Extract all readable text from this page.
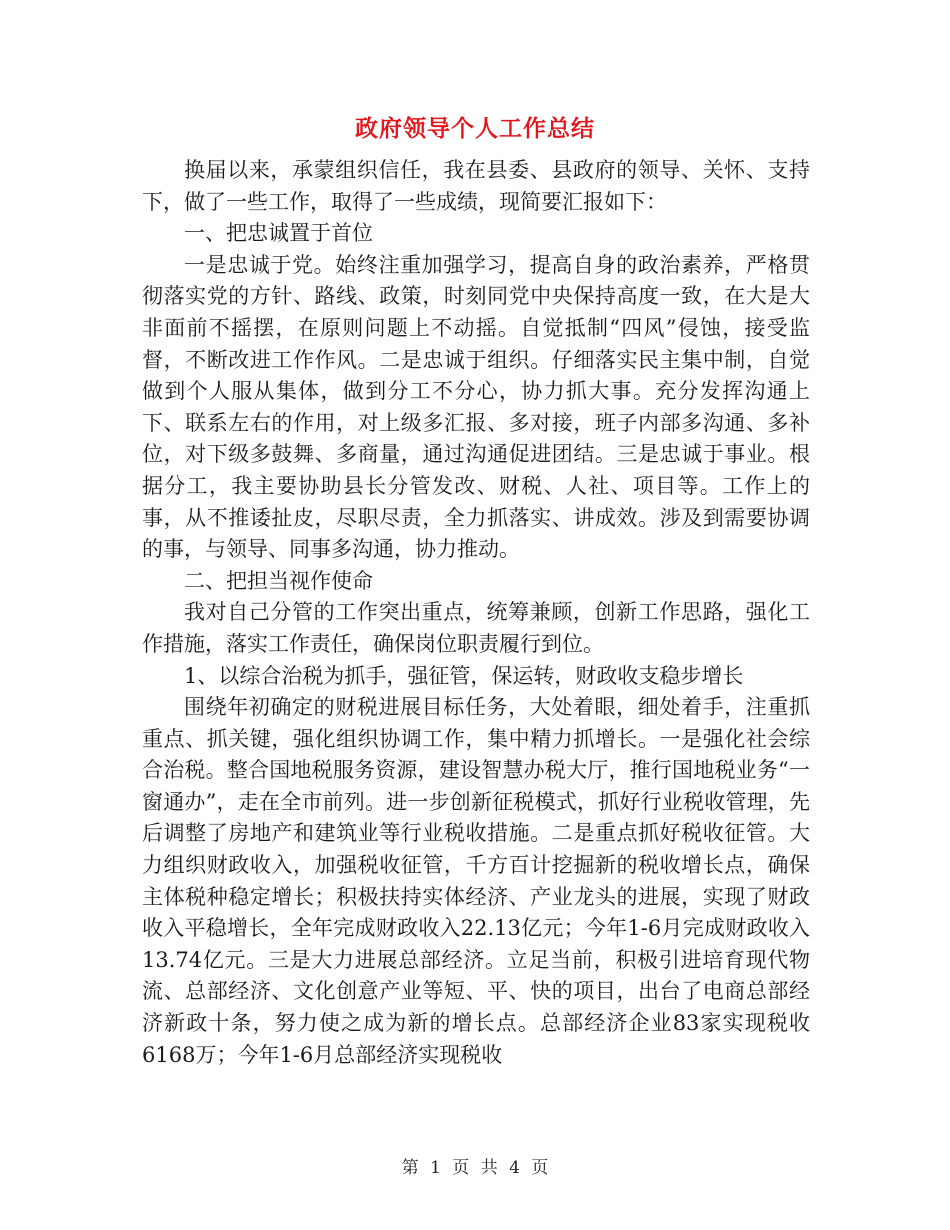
政府领导个人工作总结

换届以来，承蒙组织信任，我在县委、县政府的领导、关怀、支持下，做了一些工作，取得了一些成绩，现简要汇报如下：

一、把忠诚置于首位

一是忠诚于党。始终注重加强学习，提高自身的政治素养，严格贯彻落实党的方针、路线、政策，时刻同党中央保持高度一致，在大是大非面前不摇摆，在原则问题上不动摇。自觉抵制“四风”侵蚀，接受监督，不断改进工作作风。二是忠诚于组织。仔细落实民主集中制，自觉做到个人服从集体，做到分工不分心，协力抓大事。充分发挥沟通上下、联系左右的作用，对上级多汇报、多对接，班子内部多沟通、多补位，对下级多鼓舞、多商量，通过沟通促进团结。三是忠诚于事业。根据分工，我主要协助县长分管发改、财税、人社、项目等。工作上的事，从不推诿扯皮，尽职尽责，全力抓落实、讲成效。涉及到需要协调的事，与领导、同事多沟通，协力推动。

二、把担当视作使命

我对自己分管的工作突出重点，统筹兼顾，创新工作思路，强化工作措施，落实工作责任，确保岗位职责履行到位。

1、以综合治税为抓手，强征管，保运转，财政收支稳步增长

围绕年初确定的财税进展目标任务，大处着眼，细处着手，注重抓重点、抓关键，强化组织协调工作，集中精力抓增长。一是强化社会综合治税。整合国地税服务资源，建设智慧办税大厅，推行国地税业务“一窗通办”，走在全市前列。进一步创新征税模式，抓好行业税收管理，先后调整了房地产和建筑业等行业税收措施。二是重点抓好税收征管。大力组织财政收入，加强税收征管，千方百计挖掘新的税收增长点，确保主体税种稳定增长；积极扶持实体经济、产业龙头的进展，实现了财政收入平稳增长，全年完成财政收入22.13亿元；今年1-6月完成财政收入13.74亿元。三是大力进展总部经济。立足当前，积极引进培育现代物流、总部经济、文化创意产业等短、平、快的项目，出台了电商总部经济新政十条，努力使之成为新的增长点。总部经济企业83家实现税收6168万；今年1-6月总部经济实现税收

第 1 页 共 4 页
